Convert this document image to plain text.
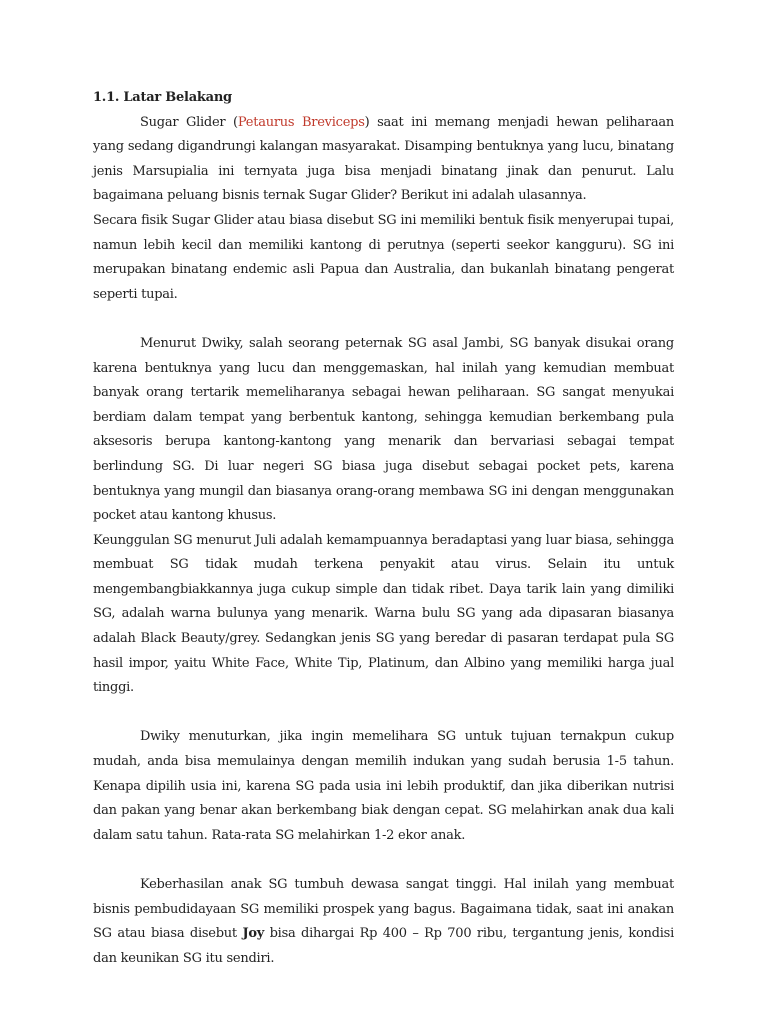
1.1. Latar Belakang

Sugar Glider (Petaurus Breviceps) saat ini memang menjadi hewan peliharaan yang sedang digandrungi kalangan masyarakat. Disamping bentuknya yang lucu, binatang jenis Marsupialia ini ternyata juga bisa menjadi binatang jinak dan penurut. Lalu bagaimana peluang bisnis ternak Sugar Glider? Berikut ini adalah ulasannya.

Secara fisik Sugar Glider atau biasa disebut SG ini memiliki bentuk fisik menyerupai tupai, namun lebih kecil dan memiliki kantong di perutnya (seperti seekor kangguru). SG ini merupakan binatang endemic asli Papua dan Australia, dan bukanlah binatang pengerat seperti tupai.

Menurut Dwiky, salah seorang peternak SG asal Jambi, SG banyak disukai orang karena bentuknya yang lucu dan menggemaskan, hal inilah yang kemudian membuat banyak orang tertarik memeliharanya sebagai hewan peliharaan. SG sangat menyukai berdiam dalam tempat yang berbentuk kantong, sehingga kemudian berkembang pula aksesoris berupa kantong-kantong yang menarik dan bervariasi sebagai tempat berlindung SG. Di luar negeri SG biasa juga disebut sebagai pocket pets, karena bentuknya yang mungil dan biasanya orang-orang membawa SG ini dengan menggunakan pocket atau kantong khusus.

Keunggulan SG menurut Juli adalah kemampuannya beradaptasi yang luar biasa, sehingga membuat SG tidak mudah terkena penyakit atau virus. Selain itu untuk mengembangbiakkannya juga cukup simple dan tidak ribet. Daya tarik lain yang dimiliki SG, adalah warna bulunya yang menarik. Warna bulu SG yang ada dipasaran biasanya adalah Black Beauty/grey. Sedangkan jenis SG yang beredar di pasaran terdapat pula SG hasil impor, yaitu White Face, White Tip, Platinum, dan Albino yang memiliki harga jual tinggi.

Dwiky menuturkan, jika ingin memelihara SG untuk tujuan ternakpun cukup mudah, anda bisa memulainya dengan memilih indukan yang sudah berusia 1-5 tahun. Kenapa dipilih usia ini, karena SG pada usia ini lebih produktif, dan jika diberikan nutrisi dan pakan yang benar akan berkembang biak dengan cepat. SG melahirkan anak dua kali dalam satu tahun. Rata-rata SG melahirkan 1-2 ekor anak.

Keberhasilan anak SG tumbuh dewasa sangat tinggi. Hal inilah yang membuat bisnis pembudidayaan SG memiliki prospek yang bagus. Bagaimana tidak, saat ini anakan SG atau biasa disebut Joy bisa dihargai Rp 400 – Rp 700 ribu, tergantung jenis, kondisi dan keunikan SG itu sendiri.
